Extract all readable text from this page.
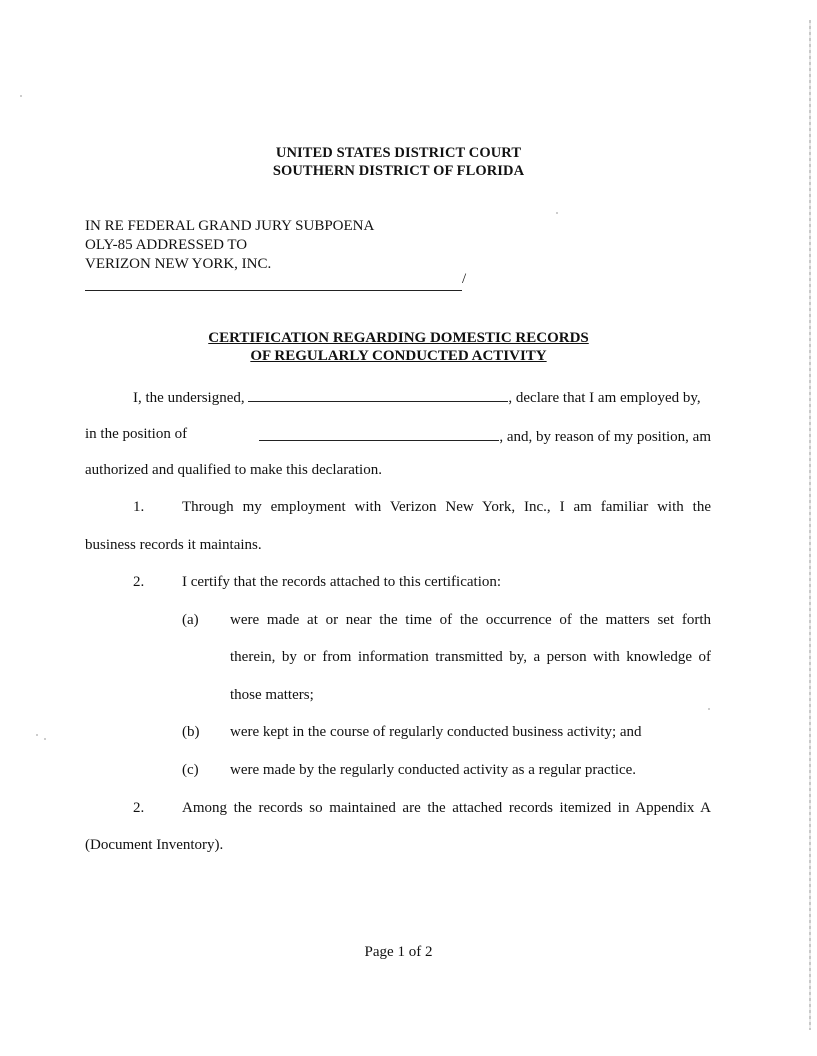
UNITED STATES DISTRICT COURT
SOUTHERN DISTRICT OF FLORIDA
IN RE FEDERAL GRAND JURY SUBPOENA
OLY-85 ADDRESSED TO
VERIZON NEW YORK, INC.
/
CERTIFICATION REGARDING DOMESTIC RECORDS
OF REGULARLY CONDUCTED ACTIVITY
I, the undersigned,	, declare that I am employed by,
in the position of	, and, by reason of my position, am
authorized and qualified to make this declaration.
1.	Through my employment with Verizon New York, Inc., I am familiar with the
business records it maintains.
2.	I certify that the records attached to this certification:
(a) were made at or near the time of the occurrence of the matters set forth
therein, by or from information transmitted by, a person with knowledge of
those matters;
(b) were kept in the course of regularly conducted business activity; and
(c) were made by the regularly conducted activity as a regular practice.
2.	Among the records so maintained are the attached records itemized in Appendix A
(Document Inventory).
Page 1 of 2
